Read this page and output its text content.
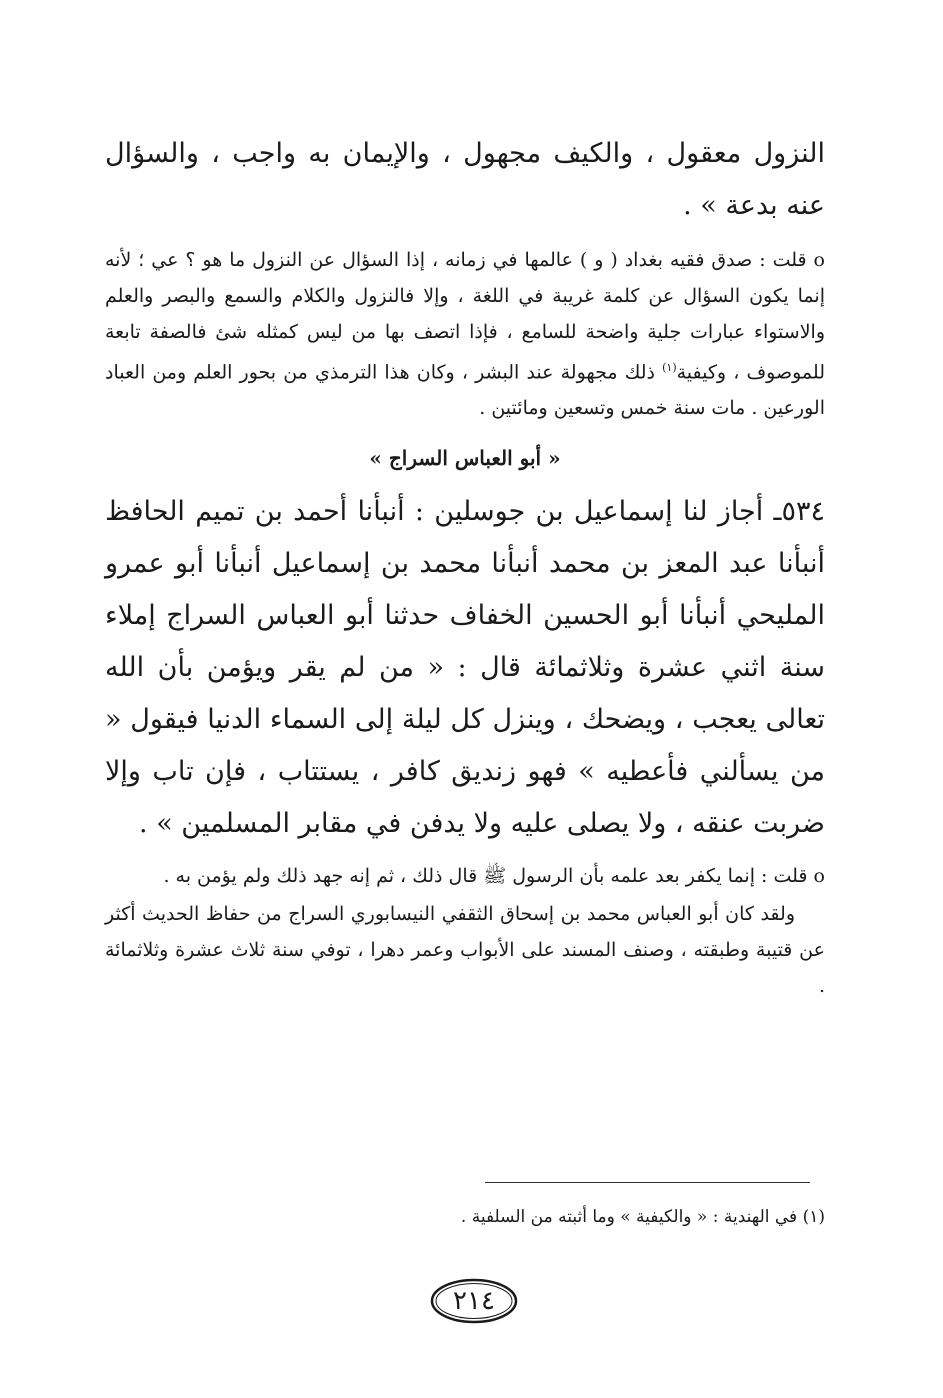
النزول معقول ، والكيف مجهول ، والإيمان به واجب ، والسؤال عنه بدعة » .

o قلت : صدق فقيه بغداد ( و ) عالمها في زمانه ، إذا السؤال عن النزول ما هو ؟ عي ؛ لأنه إنما يكون السؤال عن كلمة غريبة في اللغة ، وإلا فالنزول والكلام والسمع والبصر والعلم والاستواء عبارات جلية واضحة للسامع ، فإذا اتصف بها من ليس كمثله شئ فالصفة تابعة للموصوف ، وكيفية$^{(١)}$ ذلك مجهولة عند البشر ، وكان هذا الترمذي من بحور العلم ومن العباد الورعين . مات سنة خمس وتسعين ومائتين .

« أبو العباس السراج »

٥٣٤ـ أجاز لنا إسماعيل بن جوسلين : أنبأنا أحمد بن تميم الحافظ أنبأنا عبد المعز بن محمد أنبأنا محمد بن إسماعيل أنبأنا أبو عمرو المليحي أنبأنا أبو الحسين الخفاف حدثنا أبو العباس السراج إملاء سنة اثني عشرة وثلاثمائة قال : « من لم يقر ويؤمن بأن الله تعالى يعجب ، ويضحك ، وينزل كل ليلة إلى السماء الدنيا فيقول « من يسألني فأعطيه » فهو زنديق كافر ، يستتاب ، فإن تاب وإلا ضربت عنقه ، ولا يصلى عليه ولا يدفن في مقابر المسلمين » .

o قلت : إنما يكفر بعد علمه بأن الرسول ﷺ قال ذلك ، ثم إنه جهد ذلك ولم يؤمن به .

ولقد كان أبو العباس محمد بن إسحاق الثقفي النيسابوري السراج من حفاظ الحديث أكثر عن قتيبة وطبقته ، وصنف المسند على الأبواب وعمر دهرا ، توفي سنة ثلاث عشرة وثلاثمائة .

(١) في الهندية : « والكيفية » وما أثبته من السلفية .
٢١٤
